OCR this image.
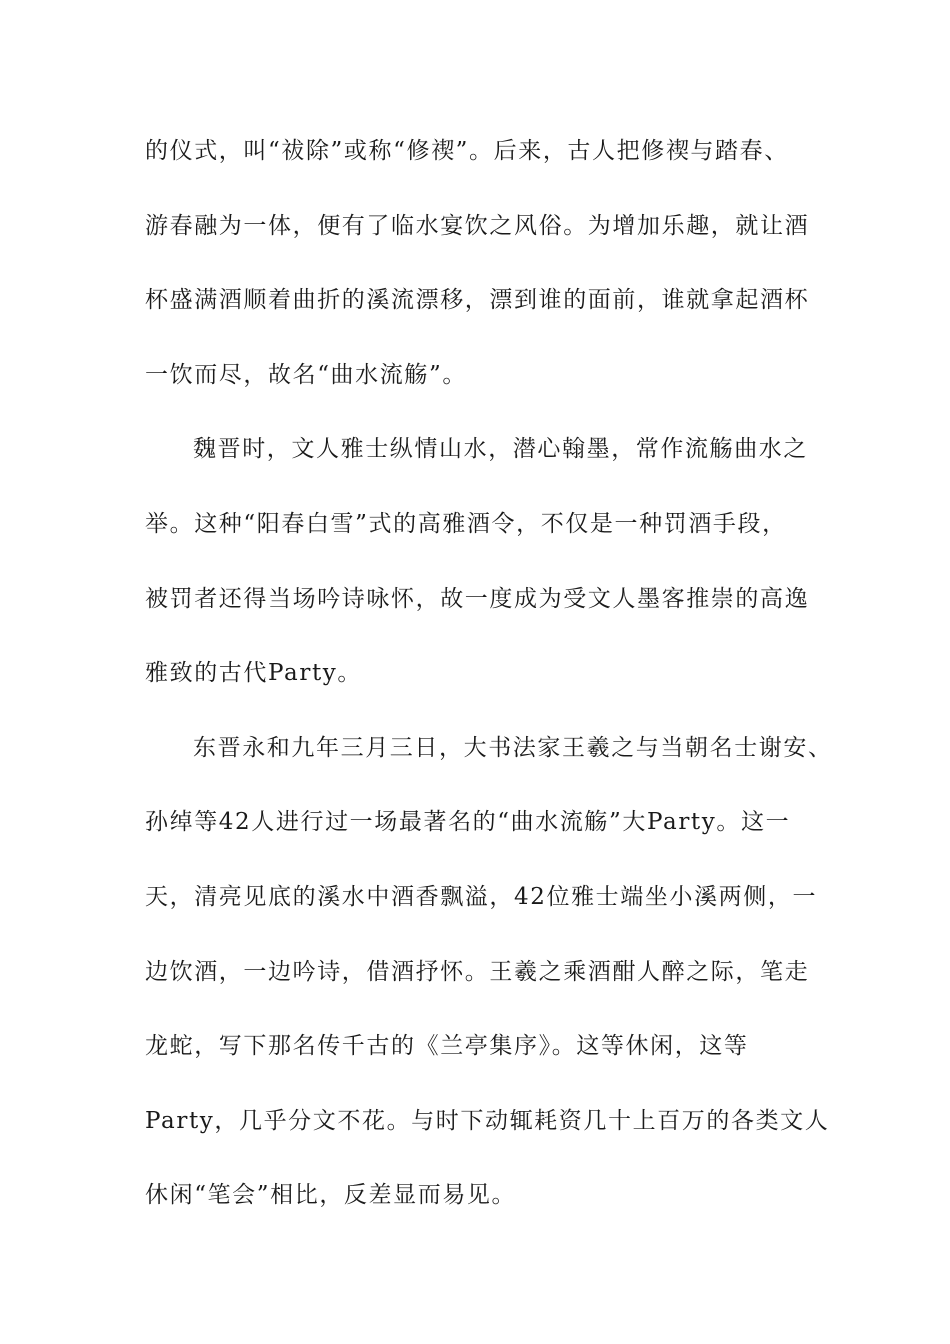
的仪式，叫“祓除”或称“修禊”。后来，古人把修禊与踏春、
游春融为一体，便有了临水宴饮之风俗。为增加乐趣，就让酒
杯盛满酒顺着曲折的溪流漂移，漂到谁的面前，谁就拿起酒杯
一饮而尽，故名“曲水流觞”。
魏晋时，文人雅士纵情山水，潜心翰墨，常作流觞曲水之
举。这种“阳春白雪”式的高雅酒令，不仅是一种罚酒手段，
被罚者还得当场吟诗咏怀，故一度成为受文人墨客推崇的高逸
雅致的古代Party。
东晋永和九年三月三日，大书法家王羲之与当朝名士谢安、
孙绰等42人进行过一场最著名的“曲水流觞”大Party。这一
天，清亮见底的溪水中酒香飘溢，42位雅士端坐小溪两侧，一
边饮酒，一边吟诗，借酒抒怀。王羲之乘酒酣人醉之际，笔走
龙蛇，写下那名传千古的《兰亭集序》。这等休闲，这等
Party，几乎分文不花。与时下动辄耗资几十上百万的各类文人
休闲“笔会”相比，反差显而易见。
